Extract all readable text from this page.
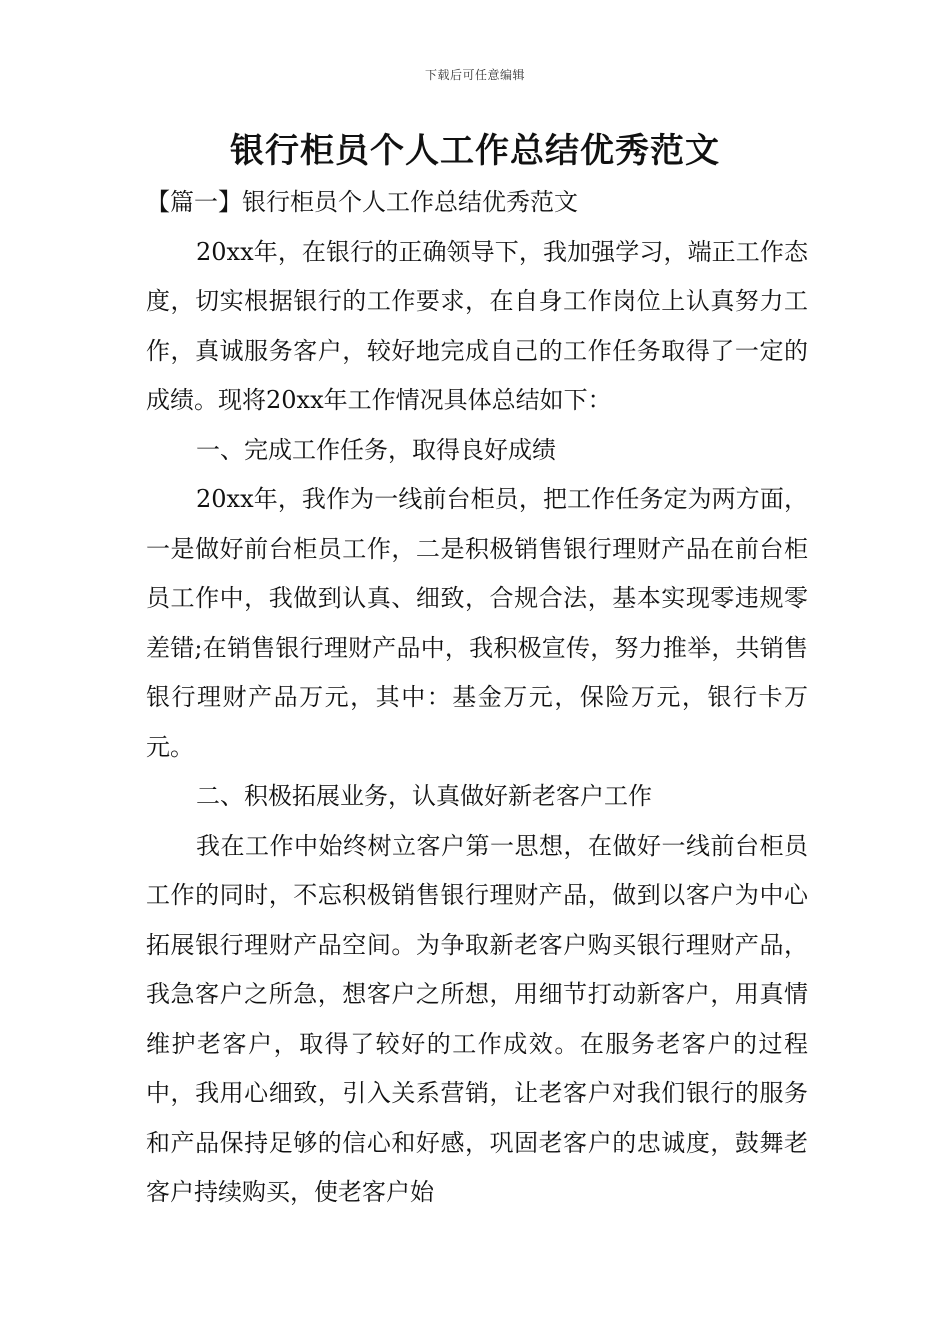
下载后可任意编辑
银行柜员个人工作总结优秀范文

【篇一】银行柜员个人工作总结优秀范文

20xx年，在银行的正确领导下，我加强学习，端正工作态度，切实根据银行的工作要求，在自身工作岗位上认真努力工作，真诚服务客户，较好地完成自己的工作任务取得了一定的成绩。现将20xx年工作情况具体总结如下：

一、完成工作任务，取得良好成绩

20xx年，我作为一线前台柜员，把工作任务定为两方面，一是做好前台柜员工作，二是积极销售银行理财产品在前台柜员工作中，我做到认真、细致，合规合法，基本实现零违规零差错;在销售银行理财产品中，我积极宣传，努力推举，共销售银行理财产品万元，其中：基金万元，保险万元，银行卡万元。

二、积极拓展业务，认真做好新老客户工作

我在工作中始终树立客户第一思想，在做好一线前台柜员工作的同时，不忘积极销售银行理财产品，做到以客户为中心拓展银行理财产品空间。为争取新老客户购买银行理财产品，我急客户之所急，想客户之所想，用细节打动新客户，用真情维护老客户，取得了较好的工作成效。在服务老客户的过程中，我用心细致，引入关系营销，让老客户对我们银行的服务和产品保持足够的信心和好感，巩固老客户的忠诚度，鼓舞老客户持续购买，使老客户始
